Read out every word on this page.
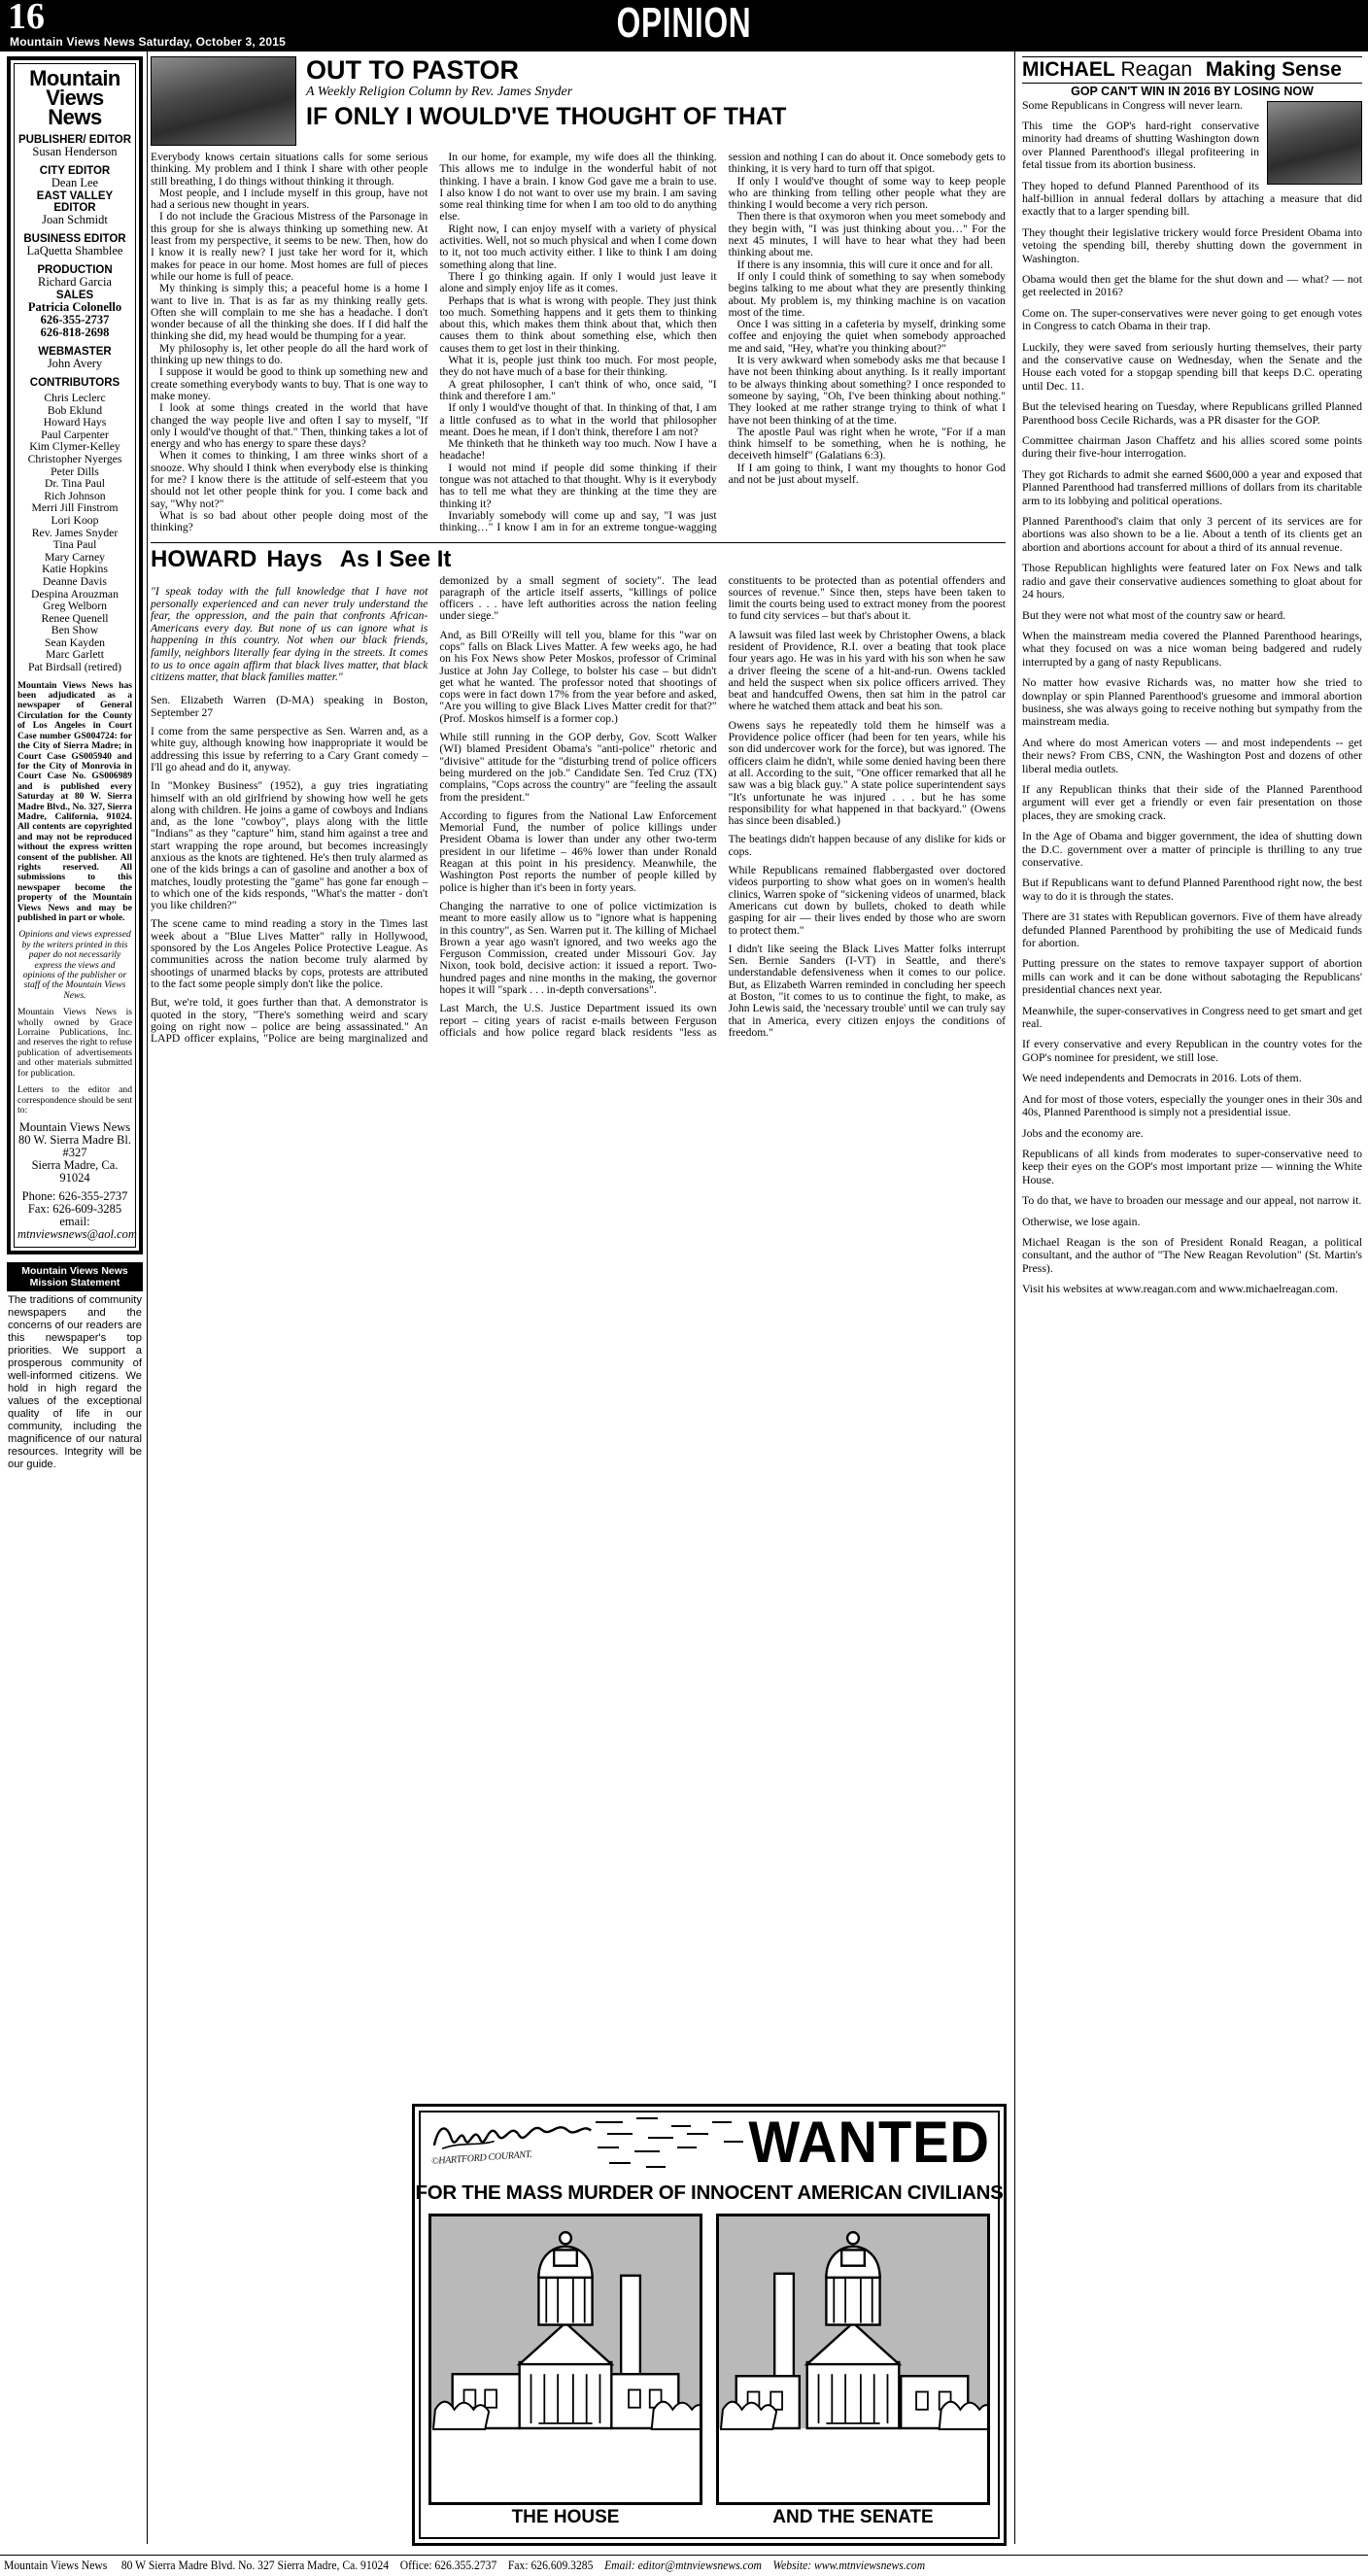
16	OPINION
Mountain Views News Saturday, October 3, 2015
Mountain
Views
News
PUBLISHER/ EDITOR
Susan Henderson
CITY EDITOR
Dean Lee
EAST VALLEY EDITOR
Joan Schmidt
BUSINESS EDITOR
LaQuetta Shamblee
PRODUCTION
Richard Garcia
SALES
Patricia Colonello
626-355-2737
626-818-2698
WEBMASTER
John Avery
CONTRIBUTORS
Chris Leclerc
Bob Eklund
Howard Hays
Paul Carpenter
Kim Clymer-Kelley
Christopher Nyerges
Peter Dills
Dr. Tina Paul
Rich Johnson
Merri Jill Finstrom
Lori Koop
Rev. James Snyder
Tina Paul
Mary Carney
Katie Hopkins
Deanne Davis
Despina Arouzman
Greg Welborn
Renee Quenell
Ben Show
Sean Kayden
Marc Garlett
Pat Birdsall (retired)
Mountain Views News has been adjudicated as a newspaper of General Circulation for the County of Los Angeles in Court Case number GS004724: for the City of Sierra Madre; in Court Case GS005940 and for the City of Monrovia in Court Case No. GS006989 and is published every Saturday at 80 W. Sierra Madre Blvd., No. 327, Sierra Madre, California, 91024. All contents are copyrighted and may not be reproduced without the express written consent of the publisher. All rights reserved. All submissions to this newspaper become the property of the Mountain Views News and may be published in part or whole.
Opinions and views expressed by the writers printed in this paper do not necessarily express the views and opinions of the publisher or staff of the Mountain Views News.
Mountain Views News is wholly owned by Grace Lorraine Publications, Inc. and reserves the right to refuse publication of advertisements and other materials submitted for publication.
Letters to the editor and correspondence should be sent to:
Mountain Views News
80 W. Sierra Madre Bl.
#327
Sierra Madre, Ca.
91024
Phone: 626-355-2737
Fax: 626-609-3285
email:
mtnviewsnews@aol.com
Mountain Views News
Mission Statement
The traditions of community newspapers and the concerns of our readers are this newspaper's top priorities. We support a prosperous community of well-informed citizens. We hold in high regard the values of the exceptional quality of life in our community, including the magnificence of our natural resources. Integrity will be our guide.
OUT TO PASTOR
A Weekly Religion Column by Rev. James Snyder
IF ONLY I WOULD'VE THOUGHT OF THAT

Everybody knows certain situations calls for some serious thinking. My problem and I think I share with other people still breathing, I do things without thinking it through.

Most people, and I include myself in this group, have not had a serious new thought in years.

I do not include the Gracious Mistress of the Parsonage in this group for she is always thinking up something new. At least from my perspective, it seems to be new. Then, how do I know it is really new? I just take her word for it, which makes for peace in our home. Most homes are full of pieces while our home is full of peace.

My thinking is simply this; a peaceful home is a home I want to live in. That is as far as my thinking really gets. Often she will complain to me she has a headache. I don't wonder because of all the thinking she does. If I did half the thinking she did, my head would be thumping for a year.

My philosophy is, let other people do all the hard work of thinking up new things to do.

I suppose it would be good to think up something new and create something everybody wants to buy. That is one way to make money.

I look at some things created in the world that have changed the way people live and often I say to myself, "If only I would've thought of that." Then, thinking takes a lot of energy and who has energy to spare these days?

When it comes to thinking, I am three winks short of a snooze. Why should I think when everybody else is thinking for me? I know there is the attitude of self-esteem that you should not let other people think for you. I come back and say, "Why not?"

What is so bad about other people doing most of the thinking?

In our home, for example, my wife does all the thinking. This allows me to indulge in the wonderful habit of not thinking. I have a brain. I know God gave me a brain to use. I also know I do not want to over use my brain. I am saving some real thinking time for when I am too old to do anything else.

Right now, I can enjoy myself with a variety of physical activities. Well, not so much physical and when I come down to it, not too much activity either. I like to think I am doing something along that line.

There I go thinking again. If only I would just leave it alone and simply enjoy life as it comes.

Perhaps that is what is wrong with people. They just think too much. Something happens and it gets them to thinking about this, which makes them think about that, which then causes them to think about something else, which then causes them to get lost in their thinking.

What it is, people just think too much. For most people, they do not have much of a base for their thinking.

A great philosopher, I can't think of who, once said, "I think and therefore I am."

If only I would've thought of that. In thinking of that, I am a little confused as to what in the world that philosopher meant. Does he mean, if I don't think, therefore I am not?

Me thinketh that he thinketh way too much. Now I have a headache!

I would not mind if people did some thinking if their tongue was not attached to that thought. Why is it everybody has to tell me what they are thinking at the time they are thinking it?

Invariably somebody will come up and say, "I was just thinking…" I know I am in for an extreme tongue-wagging session and nothing I can do about it. Once somebody gets to thinking, it is very hard to turn off that spigot.

If only I would've thought of some way to keep people who are thinking from telling other people what they are thinking I would become a very rich person.

Then there is that oxymoron when you meet somebody and they begin with, "I was just thinking about you…" For the next 45 minutes, I will have to hear what they had been thinking about me.

If there is any insomnia, this will cure it once and for all.

If only I could think of something to say when somebody begins talking to me about what they are presently thinking about. My problem is, my thinking machine is on vacation most of the time.

Once I was sitting in a cafeteria by myself, drinking some coffee and enjoying the quiet when somebody approached me and said, "Hey, what're you thinking about?"

It is very awkward when somebody asks me that because I have not been thinking about anything. Is it really important to be always thinking about something? I once responded to someone by saying, "Oh, I've been thinking about nothing." They looked at me rather strange trying to think of what I have not been thinking of at the time.

The apostle Paul was right when he wrote, "For if a man think himself to be something, when he is nothing, he deceiveth himself" (Galatians 6:3).

If I am going to think, I want my thoughts to honor God and not be just about myself.

HOWARD Hays As I See It

"I speak today with the full knowledge that I have not personally experienced and can never truly understand the fear, the oppression, and the pain that confronts African-Americans every day. But none of us can ignore what is happening in this country. Not when our black friends, family, neighbors literally fear dying in the streets. It comes to us to once again affirm that black lives matter, that black citizens matter, that black families matter."

Sen. Elizabeth Warren (D-MA) speaking in Boston, September 27

I come from the same perspective as Sen. Warren and, as a white guy, although knowing how inappropriate it would be addressing this issue by referring to a Cary Grant comedy – I'll go ahead and do it, anyway.

In "Monkey Business" (1952), a guy tries ingratiating himself with an old girlfriend by showing how well he gets along with children. He joins a game of cowboys and Indians and, as the lone "cowboy", plays along with the little "Indians" as they "capture" him, stand him against a tree and start wrapping the rope around, but becomes increasingly anxious as the knots are tightened. He's then truly alarmed as one of the kids brings a can of gasoline and another a box of matches, loudly protesting the "game" has gone far enough – to which one of the kids responds, "What's the matter - don't you like children?"

The scene came to mind reading a story in the Times last week about a "Blue Lives Matter" rally in Hollywood, sponsored by the Los Angeles Police Protective League. As communities across the nation become truly alarmed by shootings of unarmed blacks by cops, protests are attributed to the fact some people simply don't like the police.

But, we're told, it goes further than that. A demonstrator is quoted in the story, "There's something weird and scary going on right now – police are being assassinated." An LAPD officer explains, "Police are being marginalized and demonized by a small segment of society". The lead paragraph of the article itself asserts, "killings of police officers . . . have left authorities across the nation feeling under siege."

And, as Bill O'Reilly will tell you, blame for this "war on cops" falls on Black Lives Matter. A few weeks ago, he had on his Fox News show Peter Moskos, professor of Criminal Justice at John Jay College, to bolster his case – but didn't get what he wanted. The professor noted that shootings of cops were in fact down 17% from the year before and asked, "Are you willing to give Black Lives Matter credit for that?" (Prof. Moskos himself is a former cop.)

While still running in the GOP derby, Gov. Scott Walker (WI) blamed President Obama's "anti-police" rhetoric and "divisive" attitude for the "disturbing trend of police officers being murdered on the job." Candidate Sen. Ted Cruz (TX) complains, "Cops across the country" are "feeling the assault from the president."

According to figures from the National Law Enforcement Memorial Fund, the number of police killings under President Obama is lower than under any other two-term president in our lifetime – 46% lower than under Ronald Reagan at this point in his presidency. Meanwhile, the Washington Post reports the number of people killed by police is higher than it's been in forty years.

Changing the narrative to one of police victimization is meant to more easily allow us to "ignore what is happening in this country", as Sen. Warren put it. The killing of Michael Brown a year ago wasn't ignored, and two weeks ago the Ferguson Commission, created under Missouri Gov. Jay Nixon, took bold, decisive action: it issued a report. Two-hundred pages and nine months in the making, the governor hopes it will "spark . . . in-depth conversations".

Last March, the U.S. Justice Department issued its own report – citing years of racist e-mails between Ferguson officials and how police regard black residents "less as constituents to be protected than as potential offenders and sources of revenue." Since then, steps have been taken to limit the courts being used to extract money from the poorest to fund city services – but that's about it.

A lawsuit was filed last week by Christopher Owens, a black resident of Providence, R.I. over a beating that took place four years ago. He was in his yard with his son when he saw a driver fleeing the scene of a hit-and-run. Owens tackled and held the suspect when six police officers arrived. They beat and handcuffed Owens, then sat him in the patrol car where he watched them attack and beat his son.

Owens says he repeatedly told them he himself was a Providence police officer (had been for ten years, while his son did undercover work for the force), but was ignored. The officers claim he didn't, while some denied having been there at all. According to the suit, "One officer remarked that all he saw was a big black guy." A state police superintendent says "It's unfortunate he was injured . . . but he has some responsibility for what happened in that backyard." (Owens has since been disabled.)

The beatings didn't happen because of any dislike for kids or cops.

While Republicans remained flabbergasted over doctored videos purporting to show what goes on in women's health clinics, Warren spoke of "sickening videos of unarmed, black Americans cut down by bullets, choked to death while gasping for air — their lives ended by those who are sworn to protect them."

I didn't like seeing the Black Lives Matter folks interrupt Sen. Bernie Sanders (I-VT) in Seattle, and there's understandable defensiveness when it comes to our police. But, as Elizabeth Warren reminded in concluding her speech at Boston, "it comes to us to continue the fight, to make, as John Lewis said, the 'necessary trouble' until we can truly say that in America, every citizen enjoys the conditions of freedom."

MICHAEL Reagan Making Sense
GOP CAN'T WIN IN 2016 BY LOSING NOW

Some Republicans in Congress will never learn.

This time the GOP's hard-right conservative minority had dreams of shutting Washington down over Planned Parenthood's illegal profiteering in fetal tissue from its abortion business.

They hoped to defund Planned Parenthood of its half-billion in annual federal dollars by attaching a measure that did exactly that to a larger spending bill.

They thought their legislative trickery would force President Obama into vetoing the spending bill, thereby shutting down the government in Washington.

Obama would then get the blame for the shut down and — what? — not get reelected in 2016?

Come on. The super-conservatives were never going to get enough votes in Congress to catch Obama in their trap.

Luckily, they were saved from seriously hurting themselves, their party and the conservative cause on Wednesday, when the Senate and the House each voted for a stopgap spending bill that keeps D.C. operating until Dec. 11.

But the televised hearing on Tuesday, where Republicans grilled Planned Parenthood boss Cecile Richards, was a PR disaster for the GOP.

Committee chairman Jason Chaffetz and his allies scored some points during their five-hour interrogation.

They got Richards to admit she earned $600,000 a year and exposed that Planned Parenthood had transferred millions of dollars from its charitable arm to its lobbying and political operations.

Planned Parenthood's claim that only 3 percent of its services are for abortions was also shown to be a lie. About a tenth of its clients get an abortion and abortions account for about a third of its annual revenue.

Those Republican highlights were featured later on Fox News and talk radio and gave their conservative audiences something to gloat about for 24 hours.

But they were not what most of the country saw or heard.

When the mainstream media covered the Planned Parenthood hearings, what they focused on was a nice woman being badgered and rudely interrupted by a gang of nasty Republicans.

No matter how evasive Richards was, no matter how she tried to downplay or spin Planned Parenthood's gruesome and immoral abortion business, she was always going to receive nothing but sympathy from the mainstream media.

And where do most American voters — and most independents -- get their news? From CBS, CNN, the Washington Post and dozens of other liberal media outlets.

If any Republican thinks that their side of the Planned Parenthood argument will ever get a friendly or even fair presentation on those places, they are smoking crack.

In the Age of Obama and bigger government, the idea of shutting down the D.C. government over a matter of principle is thrilling to any true conservative.

But if Republicans want to defund Planned Parenthood right now, the best way to do it is through the states.

There are 31 states with Republican governors. Five of them have already defunded Planned Parenthood by prohibiting the use of Medicaid funds for abortion.

Putting pressure on the states to remove taxpayer support of abortion mills can work and it can be done without sabotaging the Republicans' presidential chances next year.

Meanwhile, the super-conservatives in Congress need to get smart and get real.

If every conservative and every Republican in the country votes for the GOP's nominee for president, we still lose.

We need independents and Democrats in 2016. Lots of them.

And for most of those voters, especially the younger ones in their 30s and 40s, Planned Parenthood is simply not a presidential issue.

Jobs and the economy are.

Republicans of all kinds from moderates to super-conservative need to keep their eyes on the GOP's most important prize — winning the White House.

To do that, we have to broaden our message and our appeal, not narrow it.

Otherwise, we lose again.

Michael Reagan is the son of President Ronald Reagan, a political consultant, and the author of "The New Reagan Revolution" (St. Martin's Press).

Visit his websites at www.reagan.com and www.michaelreagan.com.

©HARTFORD COURANT.	WANTED
FOR THE MASS MURDER OF INNOCENT AMERICAN CIVILIANS
THE HOUSE	AND THE SENATE
Mountain Views News 80 W Sierra Madre Blvd. No. 327 Sierra Madre, Ca. 91024 Office: 626.355.2737 Fax: 626.609.3285 Email: editor@mtnviewsnews.com Website: www.mtnviewsnews.com
